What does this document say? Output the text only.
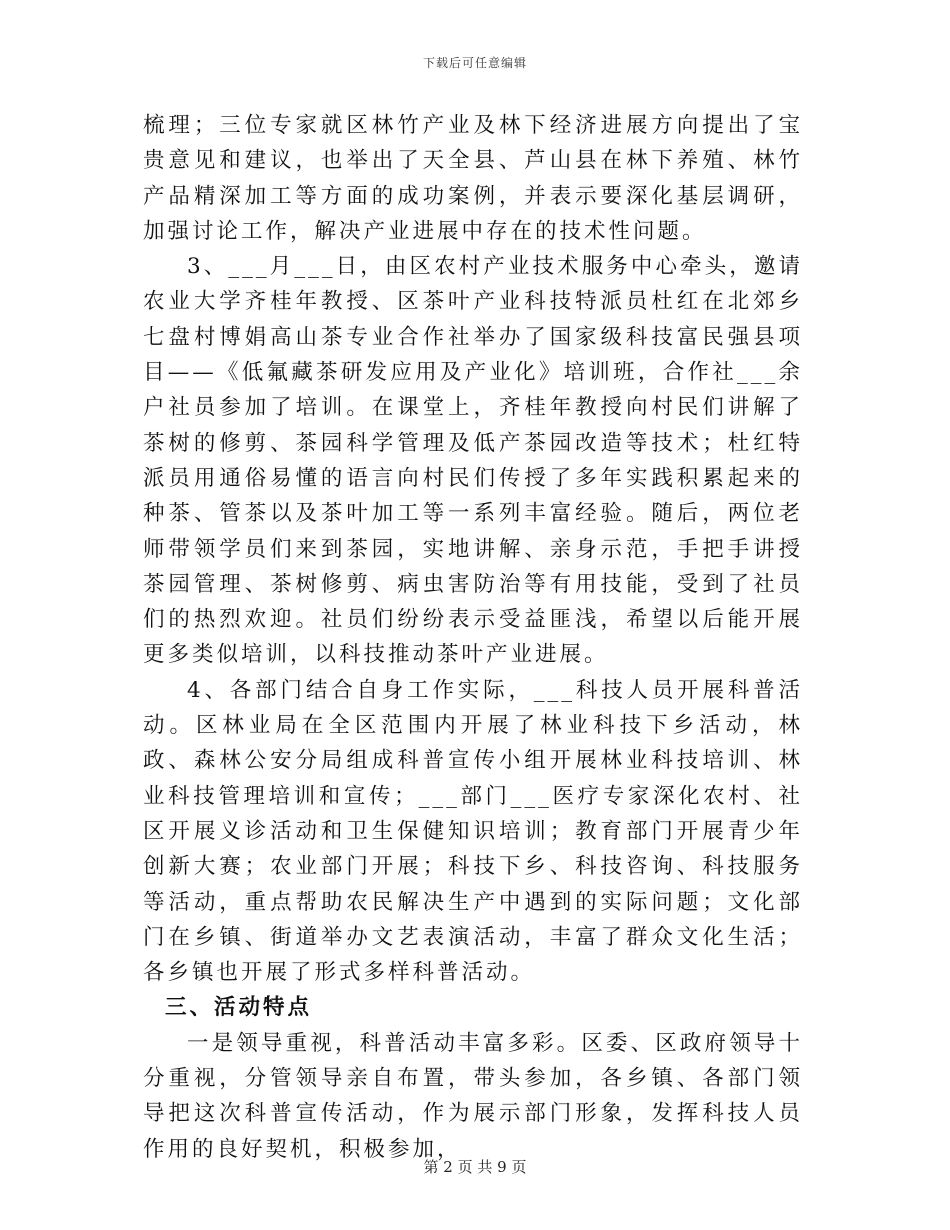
下载后可任意编辑

梳理；三位专家就区林竹产业及林下经济进展方向提出了宝贵意见和建议，也举出了天全县、芦山县在林下养殖、林竹产品精深加工等方面的成功案例，并表示要深化基层调研，加强讨论工作，解决产业进展中存在的技术性问题。

3、___月___日，由区农村产业技术服务中心牵头，邀请农业大学齐桂年教授、区茶叶产业科技特派员杜红在北郊乡七盘村博娟高山茶专业合作社举办了国家级科技富民强县项目——《低氟藏茶研发应用及产业化》培训班，合作社___余户社员参加了培训。在课堂上，齐桂年教授向村民们讲解了茶树的修剪、茶园科学管理及低产茶园改造等技术；杜红特派员用通俗易懂的语言向村民们传授了多年实践积累起来的种茶、管茶以及茶叶加工等一系列丰富经验。随后，两位老师带领学员们来到茶园，实地讲解、亲身示范，手把手讲授茶园管理、茶树修剪、病虫害防治等有用技能，受到了社员们的热烈欢迎。社员们纷纷表示受益匪浅，希望以后能开展更多类似培训，以科技推动茶叶产业进展。

4、各部门结合自身工作实际，___科技人员开展科普活动。区林业局在全区范围内开展了林业科技下乡活动，林政、森林公安分局组成科普宣传小组开展林业科技培训、林业科技管理培训和宣传；___部门___医疗专家深化农村、社区开展义诊活动和卫生保健知识培训；教育部门开展青少年创新大赛；农业部门开展；科技下乡、科技咨询、科技服务等活动，重点帮助农民解决生产中遇到的实际问题；文化部门在乡镇、街道举办文艺表演活动，丰富了群众文化生活；各乡镇也开展了形式多样科普活动。

三、活动特点

一是领导重视，科普活动丰富多彩。区委、区政府领导十分重视，分管领导亲自布置，带头参加，各乡镇、各部门领导把这次科普宣传活动，作为展示部门形象，发挥科技人员作用的良好契机，积极参加，

第 2 页 共 9 页
